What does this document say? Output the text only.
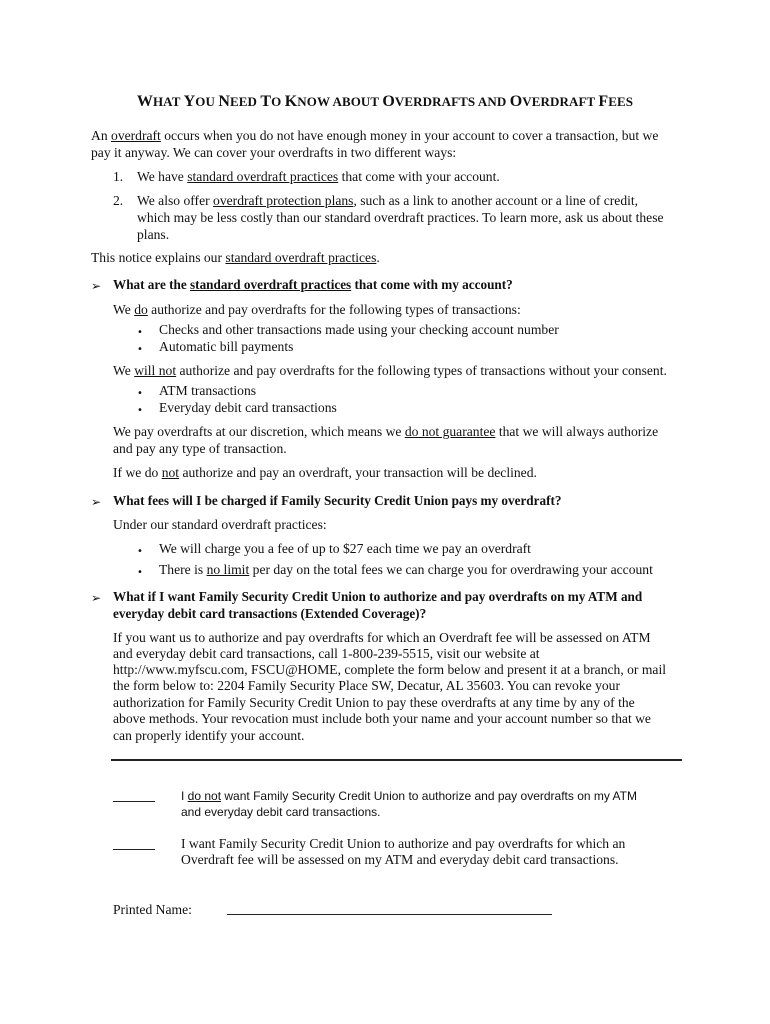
WHAT YOU NEED TO KNOW ABOUT OVERDRAFTS AND OVERDRAFT FEES
An overdraft occurs when you do not have enough money in your account to cover a transaction, but we
pay it anyway. We can cover your overdrafts in two different ways:
1. We have standard overdraft practices that come with your account.
2. We also offer overdraft protection plans, such as a link to another account or a line of credit,
which may be less costly than our standard overdraft practices. To learn more, ask us about these
plans.
This notice explains our standard overdraft practices.
➢ What are the standard overdraft practices that come with my account?
We do authorize and pay overdrafts for the following types of transactions:
• Checks and other transactions made using your checking account number
• Automatic bill payments
We will not authorize and pay overdrafts for the following types of transactions without your consent.
• ATM transactions
• Everyday debit card transactions
We pay overdrafts at our discretion, which means we do not guarantee that we will always authorize
and pay any type of transaction.
If we do not authorize and pay an overdraft, your transaction will be declined.
➢ What fees will I be charged if Family Security Credit Union pays my overdraft?
Under our standard overdraft practices:
• We will charge you a fee of up to $27 each time we pay an overdraft
• There is no limit per day on the total fees we can charge you for overdrawing your account
➢ What if I want Family Security Credit Union to authorize and pay overdrafts on my ATM and
everyday debit card transactions (Extended Coverage)?
If you want us to authorize and pay overdrafts for which an Overdraft fee will be assessed on ATM
and everyday debit card transactions, call 1-800-239-5515, visit our website at
http://www.myfscu.com, FSCU@HOME, complete the form below and present it at a branch, or mail
the form below to: 2204 Family Security Place SW, Decatur, AL 35603. You can revoke your
authorization for Family Security Credit Union to pay these overdrafts at any time by any of the
above methods. Your revocation must include both your name and your account number so that we
can properly identify your account.
I do not want Family Security Credit Union to authorize and pay overdrafts on my ATM
and everyday debit card transactions.
I want Family Security Credit Union to authorize and pay overdrafts for which an
Overdraft fee will be assessed on my ATM and everyday debit card transactions.
Printed Name:
